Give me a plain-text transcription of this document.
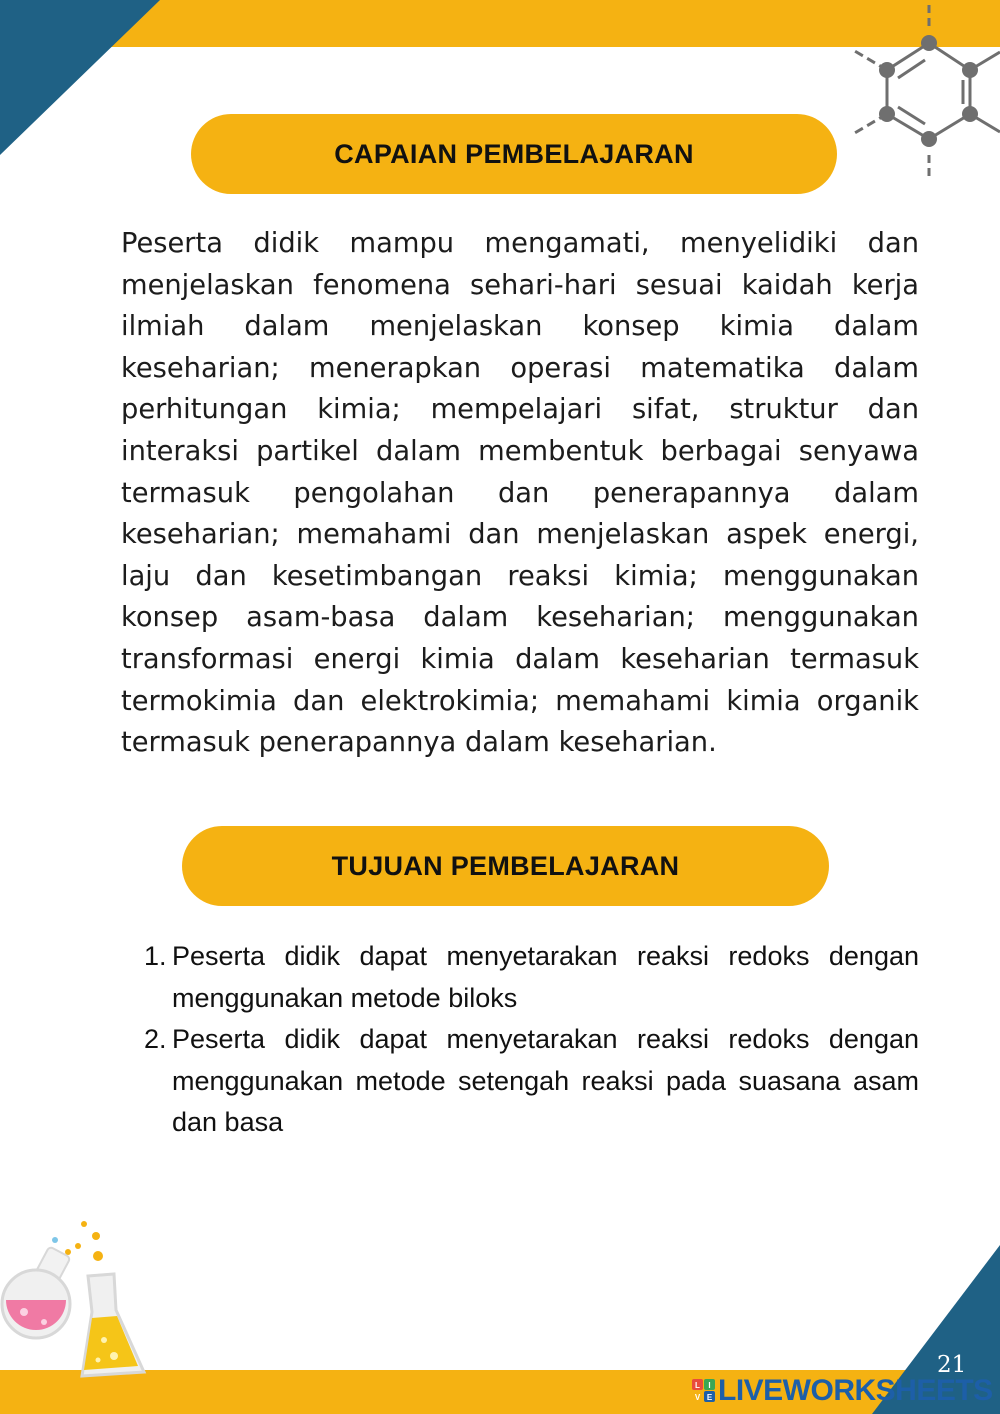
CAPAIAN PEMBELAJARAN

Peserta didik mampu mengamati, menyelidiki dan menjelaskan fenomena sehari-hari sesuai kaidah kerja ilmiah dalam menjelaskan konsep kimia dalam keseharian; menerapkan operasi matematika dalam perhitungan kimia; mempelajari sifat, struktur dan interaksi partikel dalam membentuk berbagai senyawa termasuk pengolahan dan penerapannya dalam keseharian; memahami dan menjelaskan aspek energi, laju dan kesetimbangan reaksi kimia; menggunakan konsep asam-basa dalam keseharian; menggunakan transformasi energi kimia dalam keseharian termasuk termokimia dan elektrokimia; memahami kimia organik termasuk penerapannya dalam keseharian.

TUJUAN PEMBELAJARAN
1. Peserta didik dapat menyetarakan reaksi redoks dengan menggunakan metode biloks
2. Peserta didik dapat menyetarakan reaksi redoks dengan menggunakan metode setengah reaksi pada suasana asam dan basa
21
L I
V E LIVEWORKSHEETS
